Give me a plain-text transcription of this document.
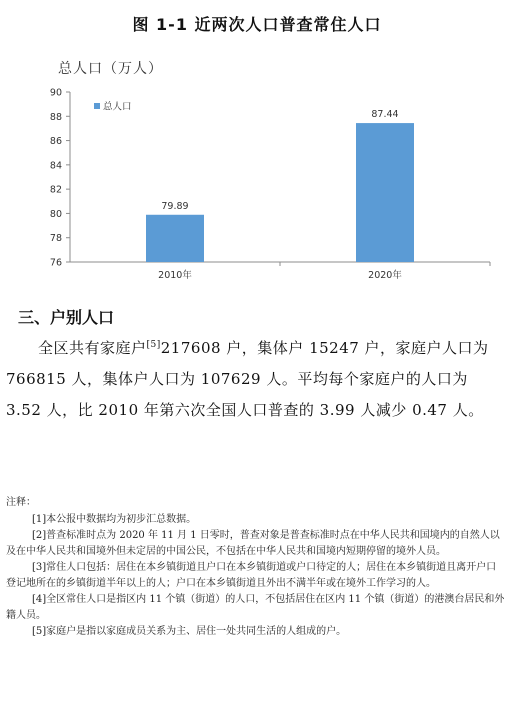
图 1-1 近两次人口普查常住人口
总人口（万人）
76
78
80
82
84
86
88
90
79.89
2010年
87.44
2020年
总人口
三、户别人口
全区共有家庭户[5]217608 户，集体户 15247 户，家庭户人口为 766815 人，集体户人口为 107629 人。平均每个家庭户的人口为 3.52 人，比 2010 年第六次全国人口普查的 3.99 人减少 0.47 人。
注释：
[1]本公报中数据均为初步汇总数据。
[2]普查标准时点为 2020 年 11 月 1 日零时，普查对象是普查标准时点在中华人民共和国境内的自然人以及在中华人民共和国境外但未定居的中国公民，不包括在中华人民共和国境内短期停留的境外人员。
[3]常住人口包括：居住在本乡镇街道且户口在本乡镇街道或户口待定的人；居住在本乡镇街道且离开户口登记地所在的乡镇街道半年以上的人；户口在本乡镇街道且外出不满半年或在境外工作学习的人。
[4]全区常住人口是指区内 11 个镇（街道）的人口，不包括居住在区内 11 个镇（街道）的港澳台居民和外籍人员。
[5]家庭户是指以家庭成员关系为主、居住一处共同生活的人组成的户。
